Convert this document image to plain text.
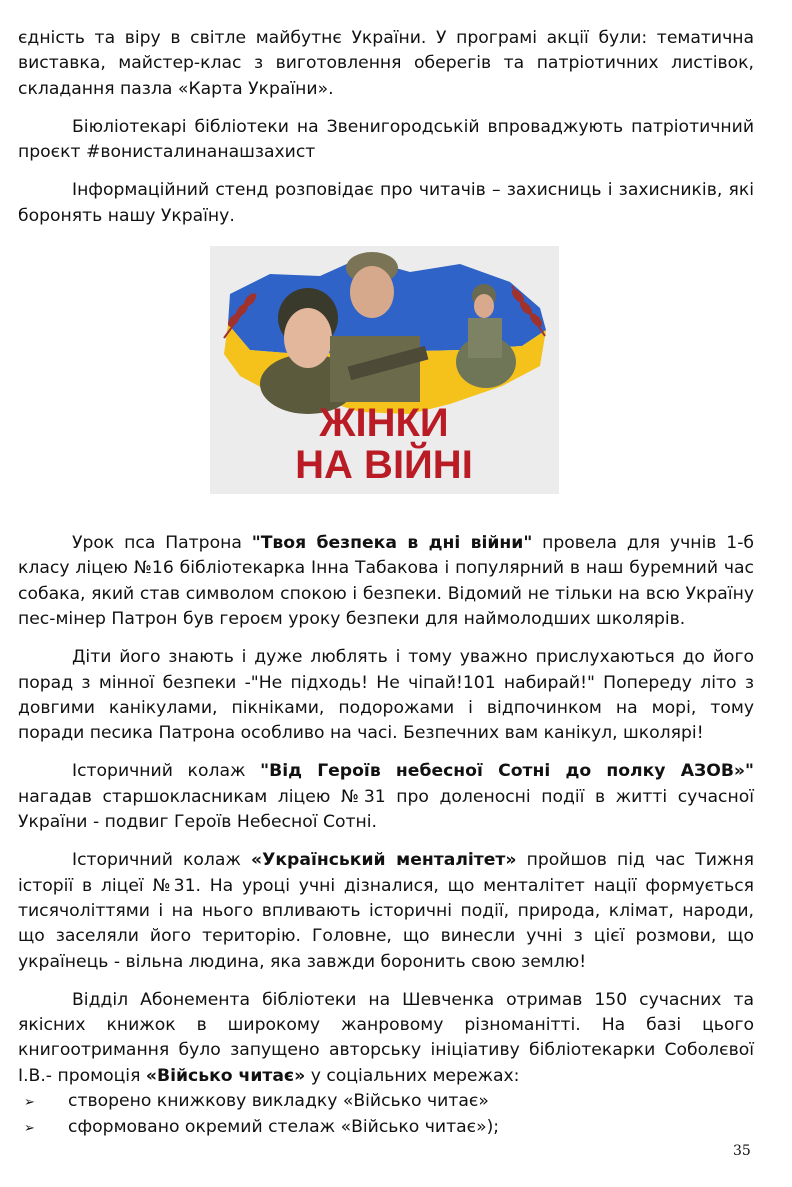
єдність та віру в світле майбутнє України. У програмі акції були: тематична виставка, майстер-клас з виготовлення оберегів та патріотичних листівок, складання пазла «Карта України».

Біюліотекарі бібліотеки на Звенигородській впроваджують патріотичний проєкт #вонисталинанашзахист

Інформаційний стенд розповідає про читачів – захисниць і захисників, які боронять нашу Україну.

Урок пса Патрона "Твоя безпека в дні війни" провела для учнів 1-б класу ліцею №16 бібліотекарка Інна Табакова і популярний в наш буремний час собака, який став символом спокою і безпеки. Відомий не тільки на всю Україну пес-мінер Патрон був героєм уроку безпеки для наймолодших школярів.

Діти його знають і дуже люблять і тому уважно прислухаються до його порад з мінної безпеки -"Не підходь! Не чіпай!101 набирай!" Попереду літо з довгими канікулами, пікніками, подорожами і відпочинком на морі, тому поради песика Патрона особливо на часі. Безпечних вам канікул, школярі!

Історичний колаж "Від Героїв небесної Сотні до полку АЗОВ»" нагадав старшокласникам ліцею №31 про доленосні події в житті сучасної України - подвиг Героїв Небесної Сотні.

Історичний колаж «Український менталітет» пройшов під час Тижня історії в ліцеї №31. На уроці учні дізналися, що менталітет нації формується тисячоліттями і на нього впливають історичні події, природа, клімат, народи, що заселяли його територію. Головне, що винесли учні з цієї розмови, що українець - вільна людина, яка завжди боронить свою землю!

Відділ Абонемента бібліотеки на Шевченка отримав 150 сучасних та якісних книжок в широкому жанровому різноманітті. На базі цього книгоотримання було запущено авторську ініціативу бібліотекарки Соболєвої І.В.- промоція «Військо читає» у соціальних мережах:

➢	створено книжкову викладку «Військо читає»
➢	сформовано окремий стелаж «Військо читає»);
ЖІНКИ
НА ВІЙНІ
35
